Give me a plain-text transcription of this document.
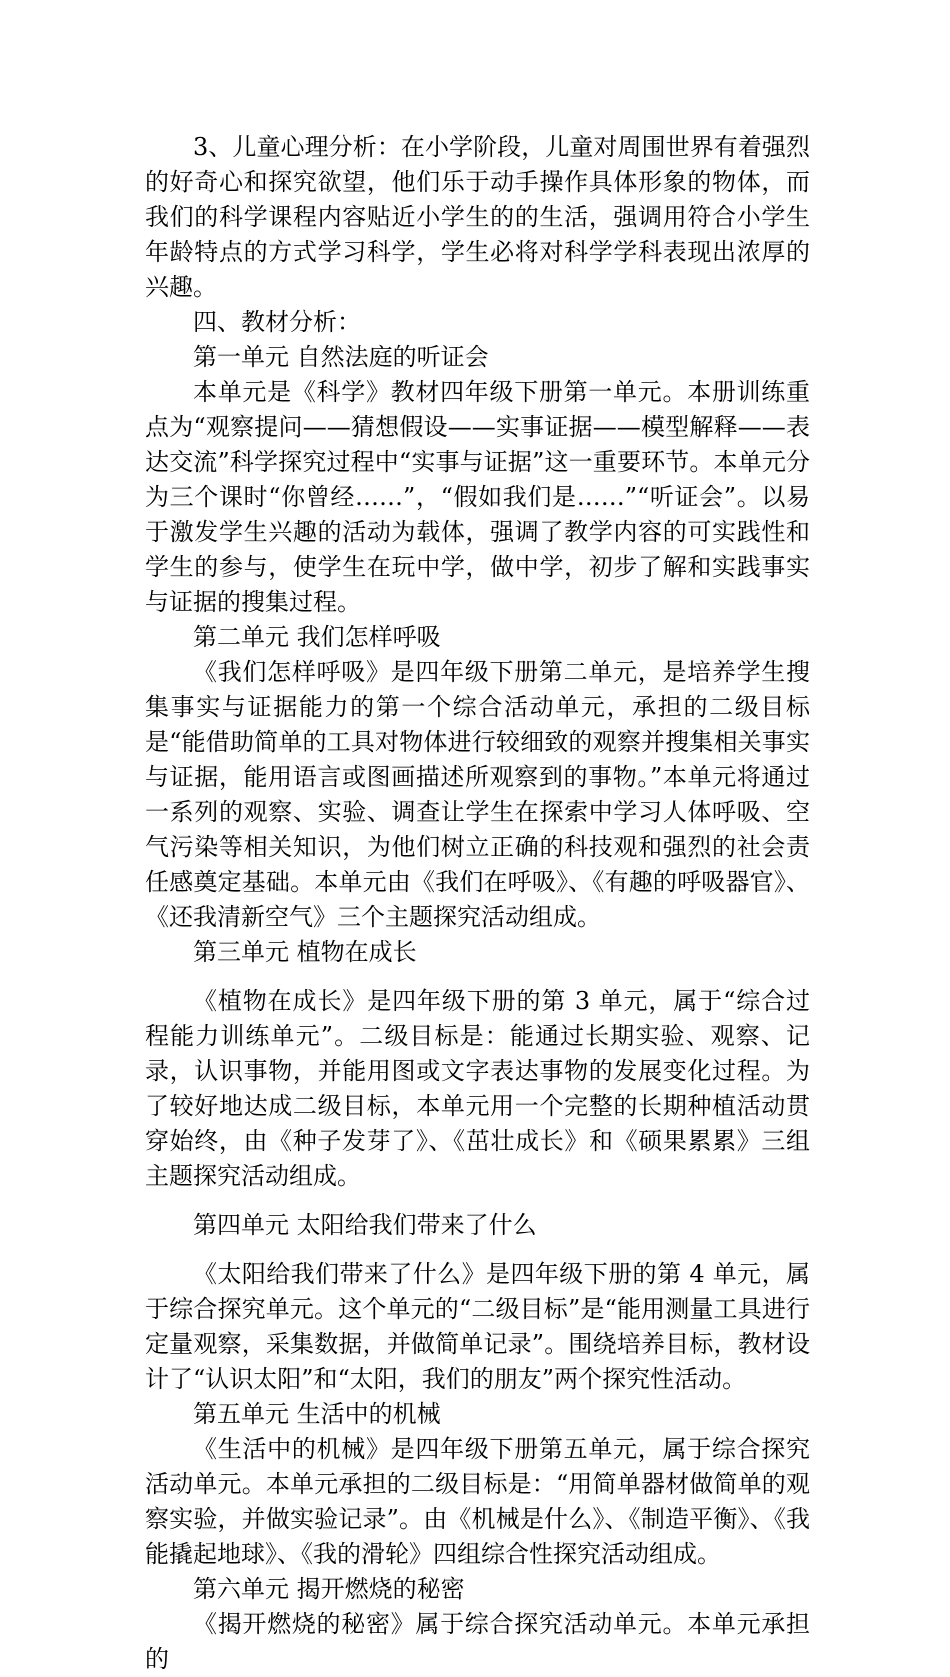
3、儿童心理分析：在小学阶段，儿童对周围世界有着强烈的好奇心和探究欲望，他们乐于动手操作具体形象的物体，而我们的科学课程内容贴近小学生的的生活，强调用符合小学生年龄特点的方式学习科学，学生必将对科学学科表现出浓厚的兴趣。

四、教材分析：

第一单元 自然法庭的听证会

本单元是《科学》教材四年级下册第一单元。本册训练重点为“观察提问——猜想假设——实事证据——模型解释——表达交流”科学探究过程中“实事与证据”这一重要环节。本单元分为三个课时“你曾经……”，“假如我们是……”“听证会”。以易于激发学生兴趣的活动为载体，强调了教学内容的可实践性和学生的参与，使学生在玩中学，做中学，初步了解和实践事实与证据的搜集过程。

第二单元 我们怎样呼吸

《我们怎样呼吸》是四年级下册第二单元，是培养学生搜集事实与证据能力的第一个综合活动单元，承担的二级目标是“能借助简单的工具对物体进行较细致的观察并搜集相关事实与证据，能用语言或图画描述所观察到的事物。”本单元将通过一系列的观察、实验、调查让学生在探索中学习人体呼吸、空气污染等相关知识，为他们树立正确的科技观和强烈的社会责任感奠定基础。本单元由《我们在呼吸》、《有趣的呼吸器官》、《还我清新空气》三个主题探究活动组成。

第三单元 植物在成长

《植物在成长》是四年级下册的第 3 单元，属于“综合过程能力训练单元”。二级目标是：能通过长期实验、观察、记录，认识事物，并能用图或文字表达事物的发展变化过程。为了较好地达成二级目标，本单元用一个完整的长期种植活动贯穿始终，由《种子发芽了》、《茁壮成长》和《硕果累累》三组主题探究活动组成。

第四单元 太阳给我们带来了什么

《太阳给我们带来了什么》是四年级下册的第 4 单元，属于综合探究单元。这个单元的“二级目标”是“能用测量工具进行定量观察，采集数据，并做简单记录”。围绕培养目标，教材设计了“认识太阳”和“太阳，我们的朋友”两个探究性活动。

第五单元 生活中的机械

《生活中的机械》是四年级下册第五单元，属于综合探究活动单元。本单元承担的二级目标是：“用简单器材做简单的观察实验，并做实验记录”。由《机械是什么》、《制造平衡》、《我能撬起地球》、《我的滑轮》四组综合性探究活动组成。

第六单元 揭开燃烧的秘密

《揭开燃烧的秘密》属于综合探究活动单元。本单元承担的
